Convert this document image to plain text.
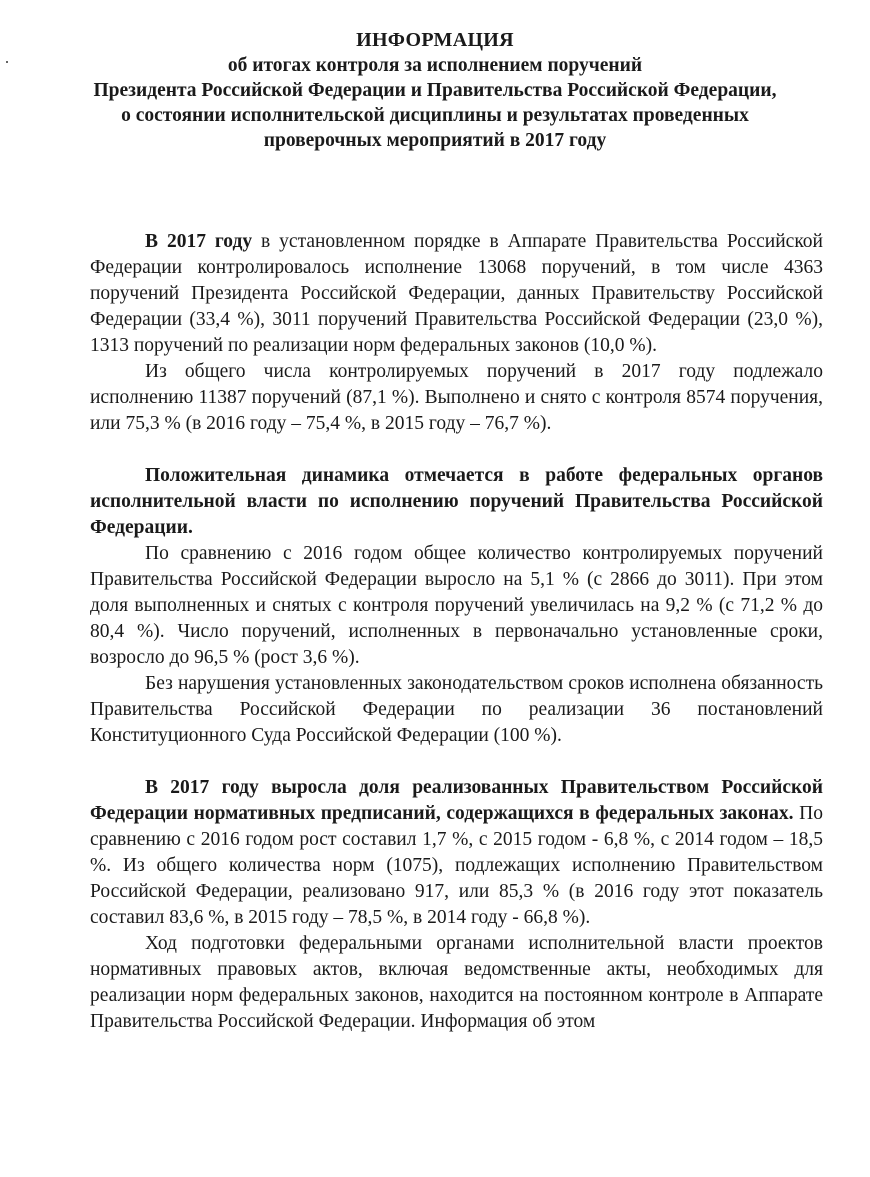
ИНФОРМАЦИЯ
об итогах контроля за исполнением поручений
Президента Российской Федерации и Правительства Российской Федерации,
о состоянии исполнительской дисциплины и результатах проведенных
проверочных мероприятий в 2017 году

В 2017 году в установленном порядке в Аппарате Правительства Российской Федерации контролировалось исполнение 13068 поручений, в том числе 4363 поручений Президента Российской Федерации, данных Правительству Российской Федерации (33,4 %), 3011 поручений Правительства Российской Федерации (23,0 %), 1313 поручений по реализации норм федеральных законов (10,0 %).

Из общего числа контролируемых поручений в 2017 году подлежало исполнению 11387 поручений (87,1 %). Выполнено и снято с контроля 8574 поручения, или 75,3 % (в 2016 году – 75,4 %, в 2015 году – 76,7 %).

Положительная динамика отмечается в работе федеральных органов исполнительной власти по исполнению поручений Правительства Российской Федерации.

По сравнению с 2016 годом общее количество контролируемых поручений Правительства Российской Федерации выросло на 5,1 % (с 2866 до 3011). При этом доля выполненных и снятых с контроля поручений увеличилась на 9,2 % (с 71,2 % до 80,4 %). Число поручений, исполненных в первоначально установленные сроки, возросло до 96,5 % (рост 3,6 %).

Без нарушения установленных законодательством сроков исполнена обязанность Правительства Российской Федерации по реализации 36 постановлений Конституционного Суда Российской Федерации (100 %).

В 2017 году выросла доля реализованных Правительством Российской Федерации нормативных предписаний, содержащихся в федеральных законах. По сравнению с 2016 годом рост составил 1,7 %, с 2015 годом - 6,8 %, с 2014 годом – 18,5 %. Из общего количества норм (1075), подлежащих исполнению Правительством Российской Федерации, реализовано 917, или 85,3 % (в 2016 году этот показатель составил 83,6 %, в 2015 году – 78,5 %, в 2014 году - 66,8 %).

Ход подготовки федеральными органами исполнительной власти проектов нормативных правовых актов, включая ведомственные акты, необходимых для реализации норм федеральных законов, находится на постоянном контроле в Аппарате Правительства Российской Федерации. Информация об этом
